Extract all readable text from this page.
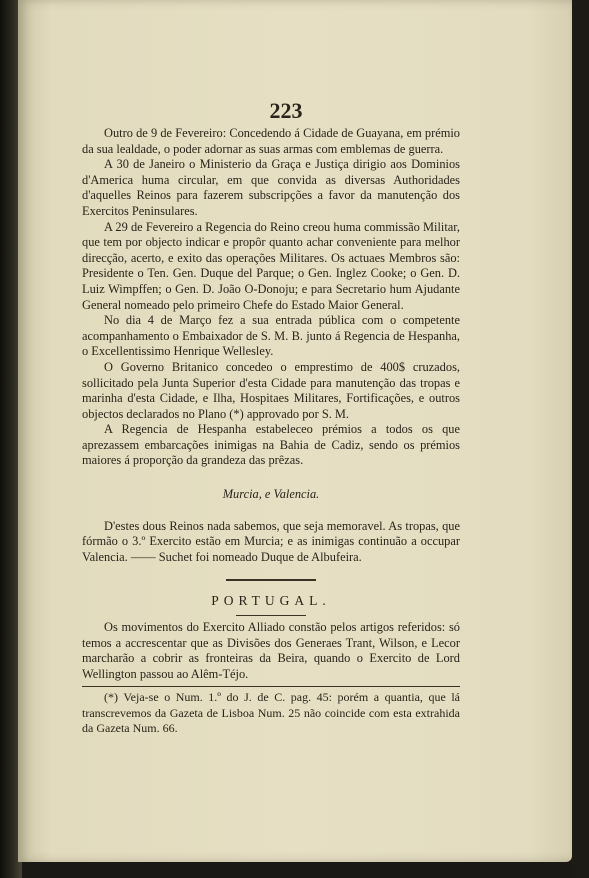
223

Outro de 9 de Fevereiro: Concedendo á Cidade de Guayana, em prémio da sua lealdade, o poder adornar as suas armas com emblemas de guerra.

A 30 de Janeiro o Ministerio da Graça e Justiça dirigio aos Dominios d'America huma circular, em que convida as diversas Authoridades d'aquelles Reinos para fazerem subscripções a favor da manutenção dos Exercitos Peninsulares.

A 29 de Fevereiro a Regencia do Reino creou huma commissão Militar, que tem por objecto indicar e propôr quanto achar conveniente para melhor direcção, acerto, e exito das operações Militares. Os actuaes Membros são: Presidente o Ten. Gen. Duque del Parque; o Gen. Inglez Cooke; o Gen. D. Luiz Wimpffen; o Gen. D. João O-Donoju; e para Secretario hum Ajudante General nomeado pelo primeiro Chefe do Estado Maior General.

No dia 4 de Março fez a sua entrada pública com o competente acompanhamento o Embaixador de S. M. B. junto á Regencia de Hespanha, o Excellentissimo Henrique Wellesley.

O Governo Britanico concedeo o emprestimo de 400$ cruzados, sollicitado pela Junta Superior d'esta Cidade para manutenção das tropas e marinha d'esta Cidade, e Ilha, Hospitaes Militares, Fortificações, e outros objectos declarados no Plano (*) approvado por S. M.

A Regencia de Hespanha estabeleceo prémios a todos os que aprezassem embarcações inimigas na Bahia de Cadiz, sendo os prémios maiores á proporção da grandeza das prêzas.

Murcia, e Valencia.

D'estes dous Reinos nada sabemos, que seja memoravel. As tropas, que fórmão o 3.º Exercito estão em Murcia; e as inimigas continuão a occupar Valencia. —— Suchet foi nomeado Duque de Albufeira.

PORTUGAL.

Os movimentos do Exercito Alliado constão pelos artigos referidos: só temos a accrescentar que as Divisões dos Generaes Trant, Wilson, e Lecor marcharão a cobrir as fronteiras da Beira, quando o Exercito de Lord Wellington passou ao Alêm-Téjo.

(*) Veja-se o Num. 1.º do J. de C. pag. 45: porém a quantia, que lá transcrevemos da Gazeta de Lisboa Num. 25 não coincide com esta extrahida da Gazeta Num. 66.
